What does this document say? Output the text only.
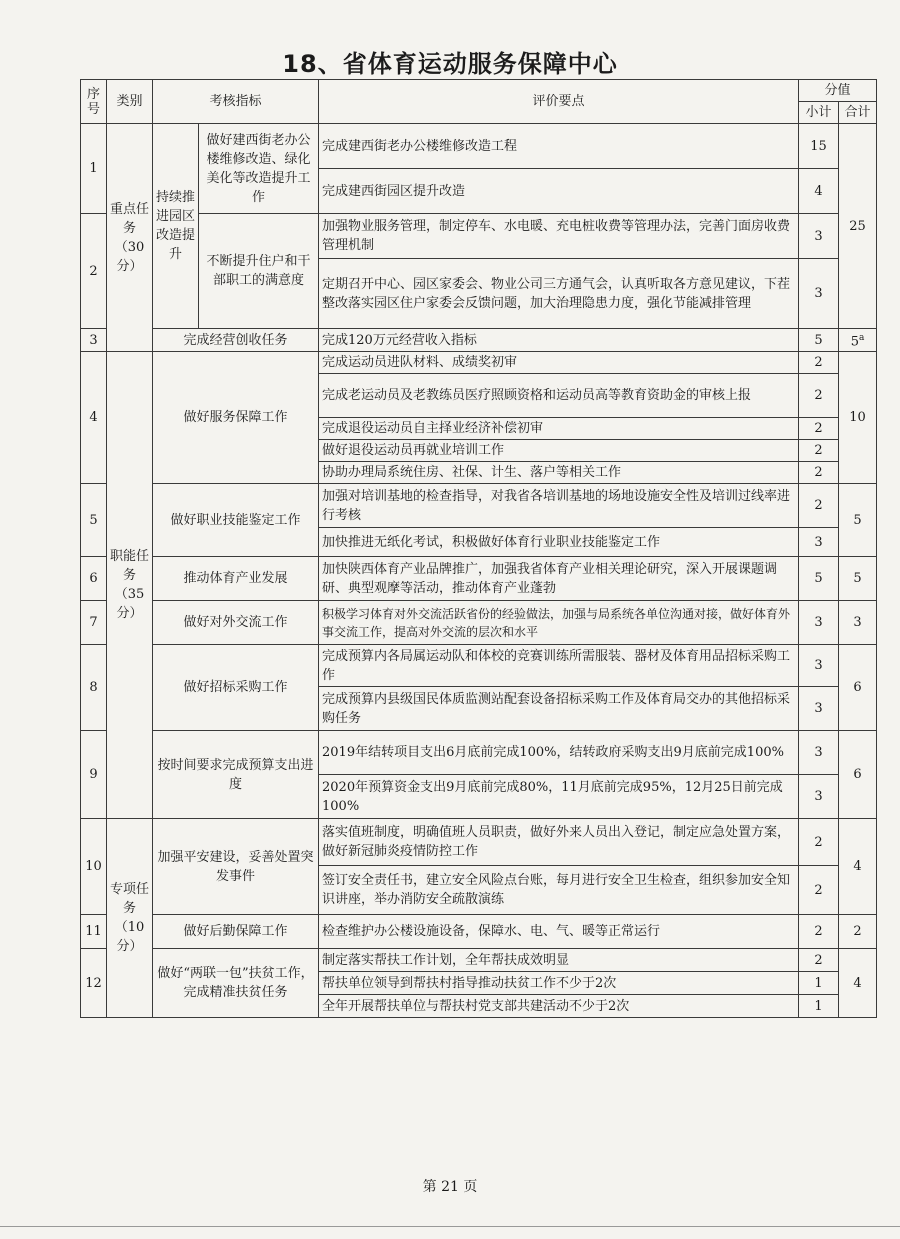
18、省体育运动服务保障中心
序号	类别	考核指标		评价要点	分值	
					小计	合计
1	重点任务（30分）	持续推进园区改造提升	做好建西街老办公楼维修改造、绿化美化等改造提升工作	完成建西街老办公楼维修改造工程	15	25
				完成建西街园区提升改造	4	
2			不断提升住户和干部职工的满意度	加强物业服务管理，制定停车、水电暖、充电桩收费等管理办法，完善门面房收费管理机制	3	
				定期召开中心、园区家委会、物业公司三方通气会，认真听取各方意见建议，下茬整改落实园区住户家委会反馈问题，加大治理隐患力度，强化节能减排管理	3	
3		完成经营创收任务		完成120万元经营收入指标	5	5$^a$
4	职能任务（35分）	做好服务保障工作		完成运动员进队材料、成绩奖初审	2	10
				完成老运动员及老教练员医疗照顾资格和运动员高等教育资助金的审核上报	2	
				完成退役运动员自主择业经济补偿初审	2	
				做好退役运动员再就业培训工作	2	
				协助办理局系统住房、社保、计生、落户等相关工作	2	
5		做好职业技能鉴定工作		加强对培训基地的检查指导，对我省各培训基地的场地设施安全性及培训过线率进行考核	2	5
				加快推进无纸化考试，积极做好体育行业职业技能鉴定工作	3	
6		推动体育产业发展		加快陕西体育产业品牌推广，加强我省体育产业相关理论研究，深入开展课题调研、典型观摩等活动，推动体育产业蓬勃	5	5
7		做好对外交流工作		积极学习体育对外交流活跃省份的经验做法，加强与局系统各单位沟通对接，做好体育外事交流工作，提高对外交流的层次和水平	3	3
8		做好招标采购工作		完成预算内各局属运动队和体校的竞赛训练所需服装、器材及体育用品招标采购工作	3	6
				完成预算内县级国民体质监测站配套设备招标采购工作及体育局交办的其他招标采购任务	3	
9		按时间要求完成预算支出进度		2019年结转项目支出6月底前完成100%，结转政府采购支出9月底前完成100%	3	6
				2020年预算资金支出9月底前完成80%，11月底前完成95%，12月25日前完成100%	3	
10	专项任务（10分）	加强平安建设，妥善处置突发事件		落实值班制度，明确值班人员职责，做好外来人员出入登记，制定应急处置方案，做好新冠肺炎疫情防控工作	2	4
				签订安全责任书，建立安全风险点台账，每月进行安全卫生检查，组织参加安全知识讲座，举办消防安全疏散演练	2	
11		做好后勤保障工作		检查维护办公楼设施设备，保障水、电、气、暖等正常运行	2	2
12		做好“两联一包”扶贫工作，完成精准扶贫任务		制定落实帮扶工作计划，全年帮扶成效明显	2	4
				帮扶单位领导到帮扶村指导推动扶贫工作不少于2次	1	
				全年开展帮扶单位与帮扶村党支部共建活动不少于2次	1	
第 21 页
